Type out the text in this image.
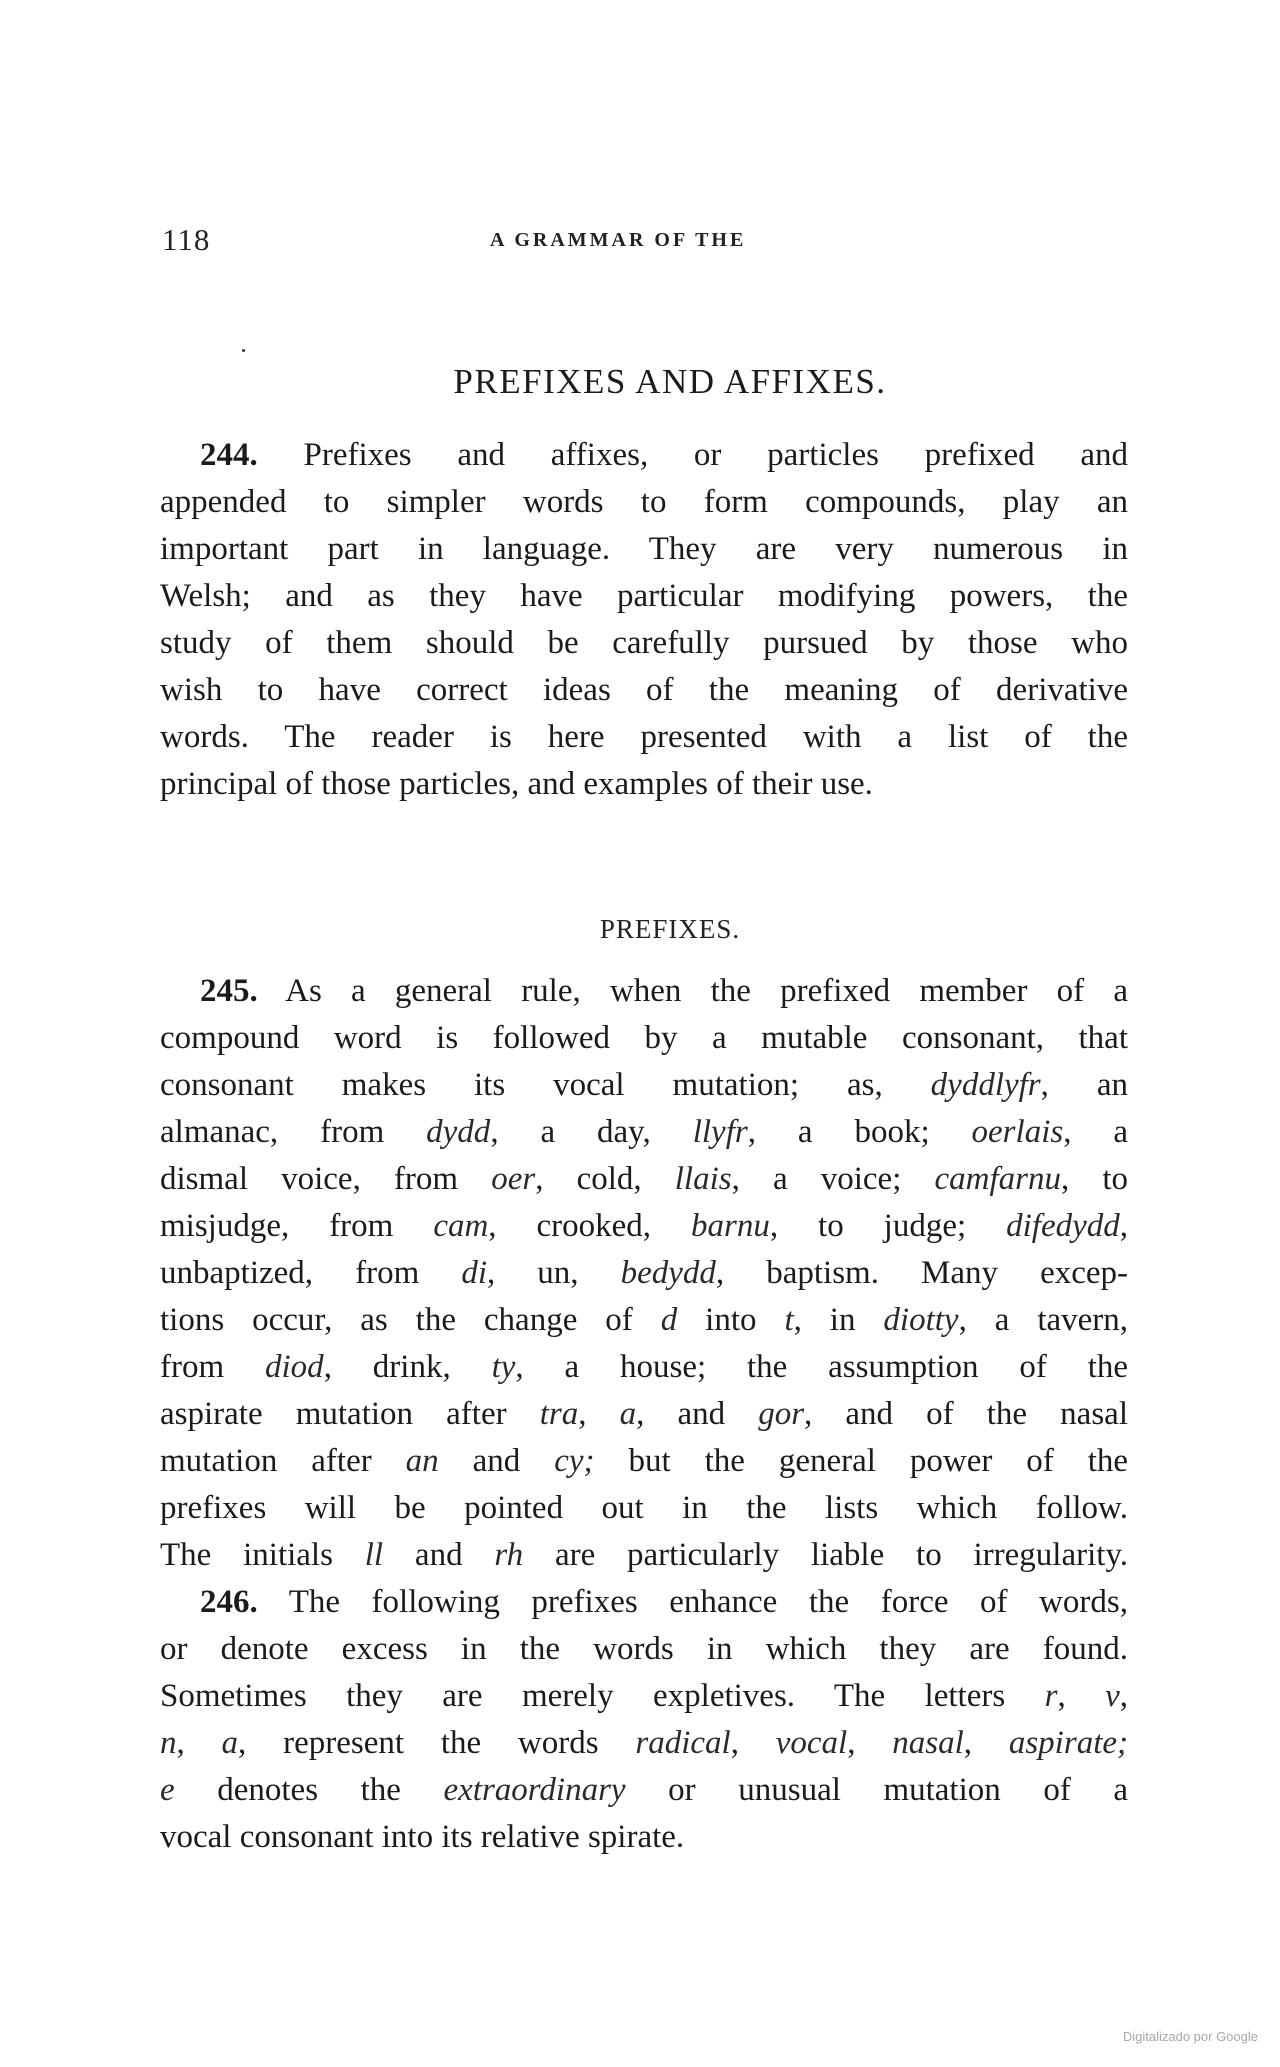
118	A GRAMMAR OF THE
PREFIXES AND AFFIXES.
244. Prefixes and affixes, or particles prefixed and
appended to simpler words to form compounds, play an
important part in language. They are very numerous in
Welsh; and as they have particular modifying powers, the
study of them should be carefully pursued by those who
wish to have correct ideas of the meaning of derivative
words. The reader is here presented with a list of the
principal of those particles, and examples of their use.
PREFIXES.
245. As a general rule, when the prefixed member of a
compound word is followed by a mutable consonant, that
consonant makes its vocal mutation; as, dyddlyfr, an
almanac, from dydd, a day, llyfr, a book; oerlais, a
dismal voice, from oer, cold, llais, a voice; camfarnu, to
misjudge, from cam, crooked, barnu, to judge; difedydd,
unbaptized, from di, un, bedydd, baptism. Many excep-
tions occur, as the change of d into t, in diotty, a tavern,
from diod, drink, ty, a house; the assumption of the
aspirate mutation after tra, a, and gor, and of the nasal
mutation after an and cy; but the general power of the
prefixes will be pointed out in the lists which follow.
The initials ll and rh are particularly liable to irregularity.
246. The following prefixes enhance the force of words,
or denote excess in the words in which they are found.
Sometimes they are merely expletives. The letters r, v,
n, a, represent the words radical, vocal, nasal, aspirate;
e denotes the extraordinary or unusual mutation of a
vocal consonant into its relative spirate.
Digitalizado por Google
